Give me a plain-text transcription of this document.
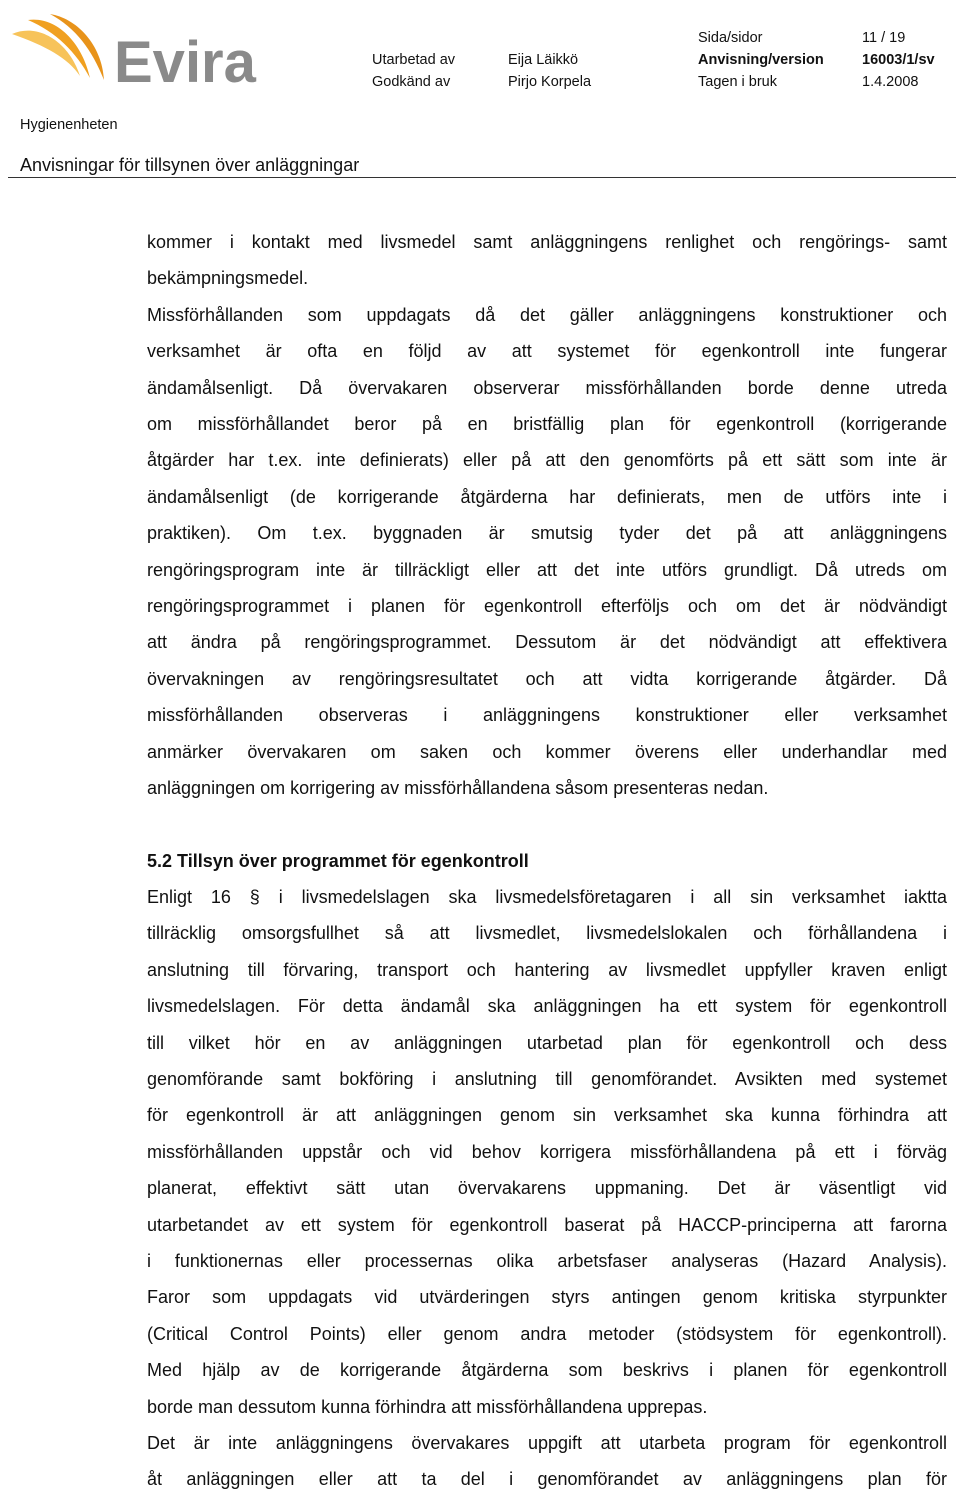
Evira	Sida/sidor	11 / 19
Utarbetad av	Eija Läikkö	Anvisning/version	16003/1/sv
Godkänd av	Pirjo Korpela	Tagen i bruk	1.4.2008
Hygienenheten
Anvisningar för tillsynen över anläggningar

kommer i kontakt med livsmedel samt anläggningens renlighet och rengörings- samt

bekämpningsmedel.

Missförhållanden som uppdagats då det gäller anläggningens konstruktioner och

verksamhet är ofta en följd av att systemet för egenkontroll inte fungerar

ändamålsenligt. Då övervakaren observerar missförhållanden borde denne utreda

om missförhållandet beror på en bristfällig plan för egenkontroll (korrigerande

åtgärder har t.ex. inte definierats) eller på att den genomförts på ett sätt som inte är

ändamålsenligt (de korrigerande åtgärderna har definierats, men de utförs inte i

praktiken). Om t.ex. byggnaden är smutsig tyder det på att anläggningens

rengöringsprogram inte är tillräckligt eller att det inte utförs grundligt. Då utreds om

rengöringsprogrammet i planen för egenkontroll efterföljs och om det är nödvändigt

att ändra på rengöringsprogrammet. Dessutom är det nödvändigt att effektivera

övervakningen av rengöringsresultatet och att vidta korrigerande åtgärder. Då

missförhållanden observeras i anläggningens konstruktioner eller verksamhet

anmärker övervakaren om saken och kommer överens eller underhandlar med

anläggningen om korrigering av missförhållandena såsom presenteras nedan.

5.2 Tillsyn över programmet för egenkontroll

Enligt 16 § i livsmedelslagen ska livsmedelsföretagaren i all sin verksamhet iaktta

tillräcklig omsorgsfullhet så att livsmedlet, livsmedelslokalen och förhållandena i

anslutning till förvaring, transport och hantering av livsmedlet uppfyller kraven enligt

livsmedelslagen. För detta ändamål ska anläggningen ha ett system för egenkontroll

till vilket hör en av anläggningen utarbetad plan för egenkontroll och dess

genomförande samt bokföring i anslutning till genomförandet. Avsikten med systemet

för egenkontroll är att anläggningen genom sin verksamhet ska kunna förhindra att

missförhållanden uppstår och vid behov korrigera missförhållandena på ett i förväg

planerat, effektivt sätt utan övervakarens uppmaning. Det är väsentligt vid

utarbetandet av ett system för egenkontroll baserat på HACCP-principerna att farorna

i funktionernas eller processernas olika arbetsfaser analyseras (Hazard Analysis).

Faror som uppdagats vid utvärderingen styrs antingen genom kritiska styrpunkter

(Critical Control Points) eller genom andra metoder (stödsystem för egenkontroll).

Med hjälp av de korrigerande åtgärderna som beskrivs i planen för egenkontroll

borde man dessutom kunna förhindra att missförhållandena upprepas.

Det är inte anläggningens övervakares uppgift att utarbeta program för egenkontroll

åt anläggningen eller att ta del i genomförandet av anläggningens plan för
